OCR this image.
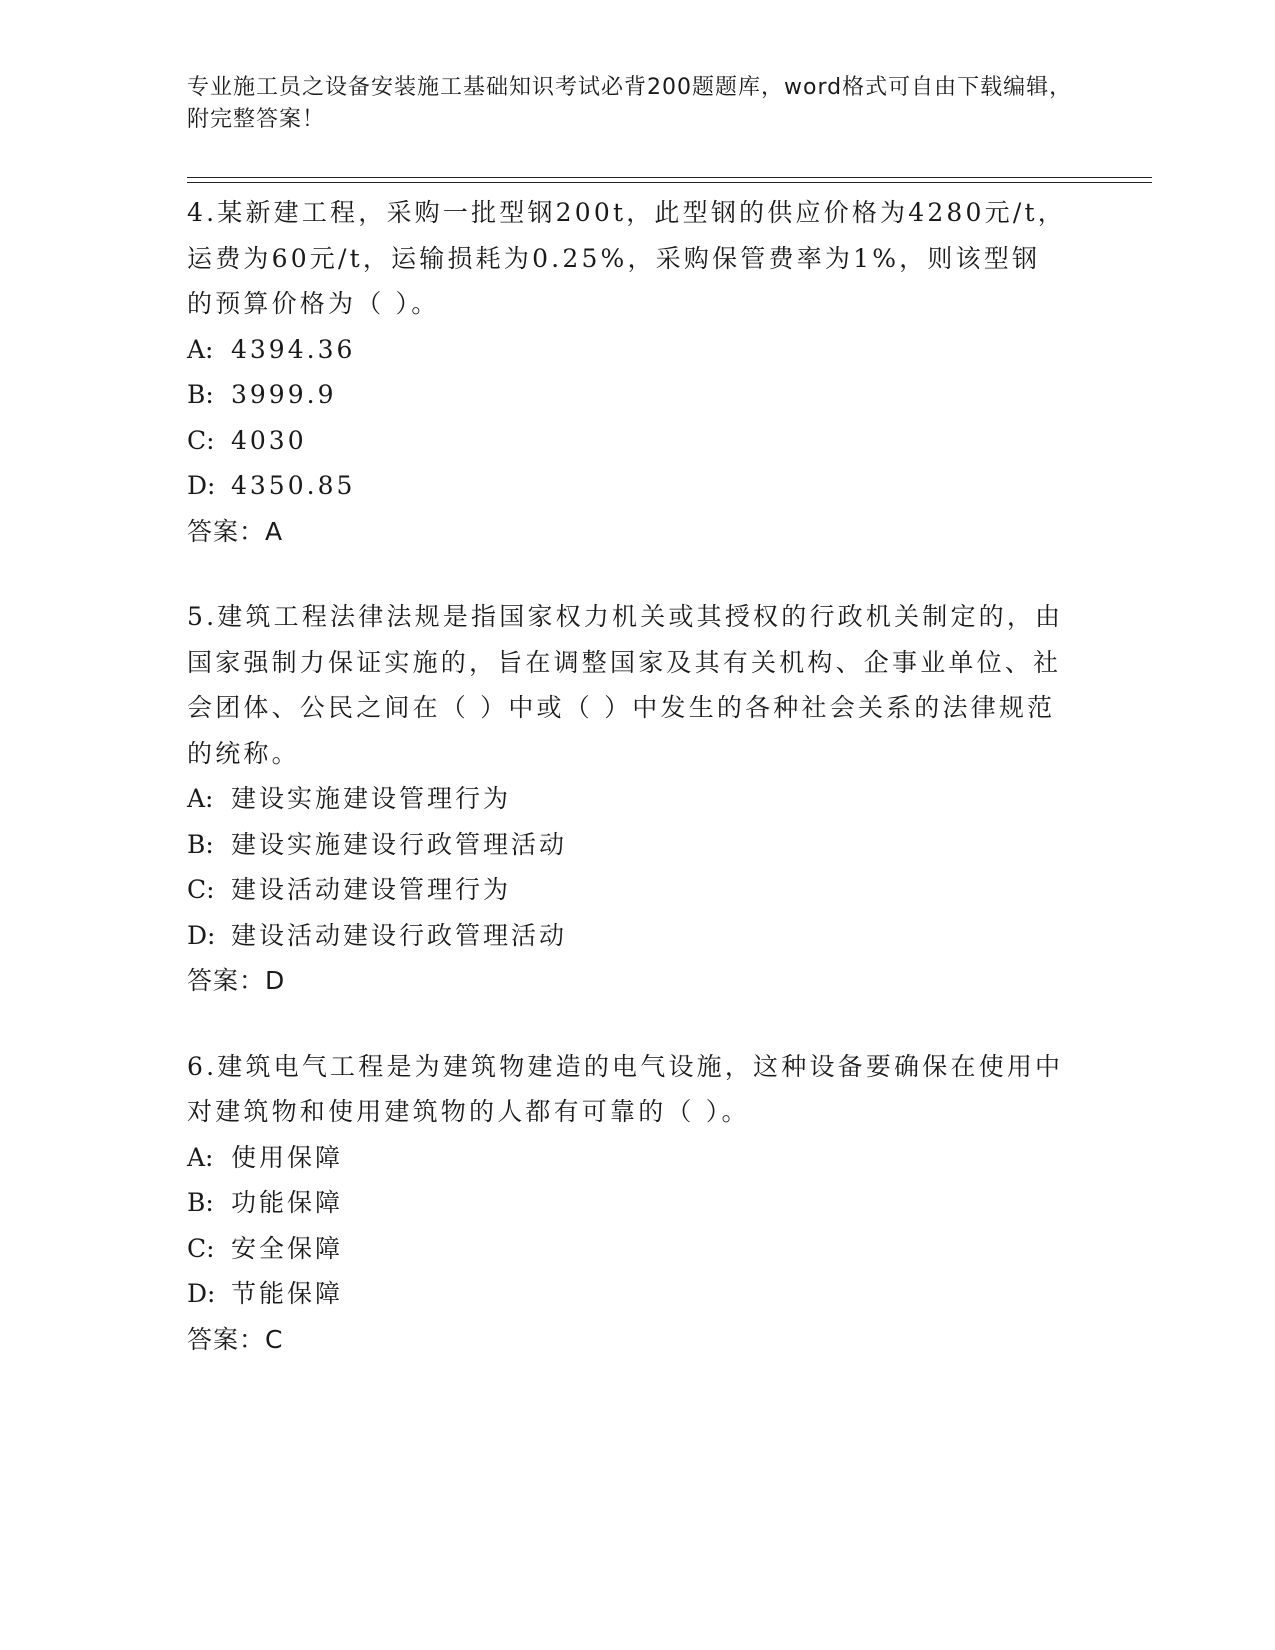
专业施工员之设备安装施工基础知识考试必背200题题库，word格式可自由下载编辑，附完整答案！

4.某新建工程，采购一批型钢200t，此型钢的供应价格为4280元/t，运费为60元/t，运输损耗为0.25%，采购保管费率为1%，则该型钢的预算价格为（ ）。

A: 4394.36

B: 3999.9

C: 4030

D: 4350.85

答案：A

5.建筑工程法律法规是指国家权力机关或其授权的行政机关制定的，由国家强制力保证实施的，旨在调整国家及其有关机构、企事业单位、社会团体、公民之间在（ ）中或（ ）中发生的各种社会关系的法律规范的统称。

A: 建设实施建设管理行为

B: 建设实施建设行政管理活动

C: 建设活动建设管理行为

D: 建设活动建设行政管理活动

答案：D

6.建筑电气工程是为建筑物建造的电气设施，这种设备要确保在使用中对建筑物和使用建筑物的人都有可靠的（ ）。

A: 使用保障

B: 功能保障

C: 安全保障

D: 节能保障

答案：C
